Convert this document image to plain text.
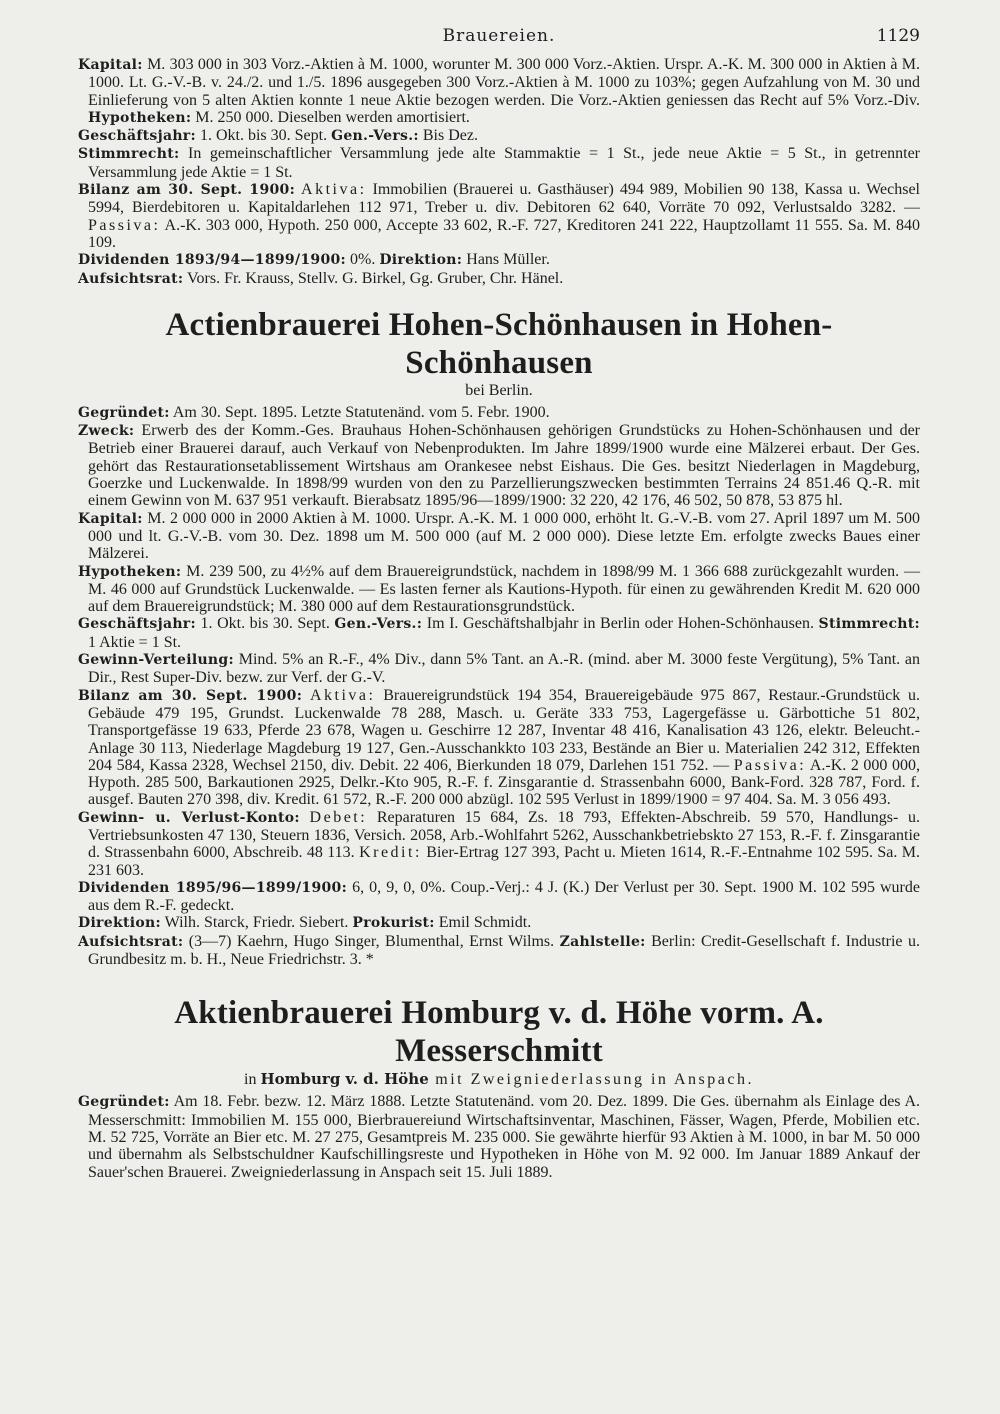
Brauereien.	1129

Kapital: M. 303 000 in 303 Vorz.-Aktien à M. 1000, worunter M. 300 000 Vorz.-Aktien. Urspr. A.-K. M. 300 000 in Aktien à M. 1000. Lt. G.-V.-B. v. 24./2. und 1./5. 1896 ausgegeben 300 Vorz.-Aktien à M. 1000 zu 103%; gegen Aufzahlung von M. 30 und Einlieferung von 5 alten Aktien konnte 1 neue Aktie bezogen werden. Die Vorz.-Aktien geniessen das Recht auf 5% Vorz.-Div. Hypotheken: M. 250 000. Dieselben werden amortisiert.

Geschäftsjahr: 1. Okt. bis 30. Sept. Gen.-Vers.: Bis Dez.

Stimmrecht: In gemeinschaftlicher Versammlung jede alte Stammaktie = 1 St., jede neue Aktie = 5 St., in getrennter Versammlung jede Aktie = 1 St.

Bilanz am 30. Sept. 1900: Aktiva: Immobilien (Brauerei u. Gasthäuser) 494 989, Mobilien 90 138, Kassa u. Wechsel 5994, Bierdebitoren u. Kapitaldarlehen 112 971, Treber u. div. Debitoren 62 640, Vorräte 70 092, Verlustsaldo 3282. — Passiva: A.-K. 303 000, Hypoth. 250 000, Accepte 33 602, R.-F. 727, Kreditoren 241 222, Hauptzollamt 11 555. Sa. M. 840 109.

Dividenden 1893/94—1899/1900: 0%. Direktion: Hans Müller.

Aufsichtsrat: Vors. Fr. Krauss, Stellv. G. Birkel, Gg. Gruber, Chr. Hänel.

Actienbrauerei Hohen-Schönhausen in Hohen-Schönhausen

bei Berlin.

Gegründet: Am 30. Sept. 1895. Letzte Statutenänd. vom 5. Febr. 1900.

Zweck: Erwerb des der Komm.-Ges. Brauhaus Hohen-Schönhausen gehörigen Grundstücks zu Hohen-Schönhausen und der Betrieb einer Brauerei darauf, auch Verkauf von Nebenprodukten. Im Jahre 1899/1900 wurde eine Mälzerei erbaut. Der Ges. gehört das Restaurationsetablissement Wirtshaus am Orankesee nebst Eishaus. Die Ges. besitzt Niederlagen in Magdeburg, Goerzke und Luckenwalde. In 1898/99 wurden von den zu Parzellierungszwecken bestimmten Terrains 24 851.46 Q.-R. mit einem Gewinn von M. 637 951 verkauft. Bierabsatz 1895/96—1899/1900: 32 220, 42 176, 46 502, 50 878, 53 875 hl.

Kapital: M. 2 000 000 in 2000 Aktien à M. 1000. Urspr. A.-K. M. 1 000 000, erhöht lt. G.-V.-B. vom 27. April 1897 um M. 500 000 und lt. G.-V.-B. vom 30. Dez. 1898 um M. 500 000 (auf M. 2 000 000). Diese letzte Em. erfolgte zwecks Baues einer Mälzerei.

Hypotheken: M. 239 500, zu 4½% auf dem Brauereigrundstück, nachdem in 1898/99 M. 1 366 688 zurückgezahlt wurden. — M. 46 000 auf Grundstück Luckenwalde. — Es lasten ferner als Kautions-Hypoth. für einen zu gewährenden Kredit M. 620 000 auf dem Brauereigrundstück; M. 380 000 auf dem Restaurationsgrundstück.

Geschäftsjahr: 1. Okt. bis 30. Sept. Gen.-Vers.: Im I. Geschäftshalbjahr in Berlin oder Hohen-Schönhausen. Stimmrecht: 1 Aktie = 1 St.

Gewinn-Verteilung: Mind. 5% an R.-F., 4% Div., dann 5% Tant. an A.-R. (mind. aber M. 3000 feste Vergütung), 5% Tant. an Dir., Rest Super-Div. bezw. zur Verf. der G.-V.

Bilanz am 30. Sept. 1900: Aktiva: Brauereigrundstück 194 354, Brauereigebäude 975 867, Restaur.-Grundstück u. Gebäude 479 195, Grundst. Luckenwalde 78 288, Masch. u. Geräte 333 753, Lagergefässe u. Gärbottiche 51 802, Transportgefässe 19 633, Pferde 23 678, Wagen u. Geschirre 12 287, Inventar 48 416, Kanalisation 43 126, elektr. Beleucht.-Anlage 30 113, Niederlage Magdeburg 19 127, Gen.-Ausschankkto 103 233, Bestände an Bier u. Materialien 242 312, Effekten 204 584, Kassa 2328, Wechsel 2150, div. Debit. 22 406, Bierkunden 18 079, Darlehen 151 752. — Passiva: A.-K. 2 000 000, Hypoth. 285 500, Barkautionen 2925, Delkr.-Kto 905, R.-F. f. Zinsgarantie d. Strassenbahn 6000, Bank-Ford. 328 787, Ford. f. ausgef. Bauten 270 398, div. Kredit. 61 572, R.-F. 200 000 abzügl. 102 595 Verlust in 1899/1900 = 97 404. Sa. M. 3 056 493.

Gewinn- u. Verlust-Konto: Debet: Reparaturen 15 684, Zs. 18 793, Effekten-Abschreib. 59 570, Handlungs- u. Vertriebsunkosten 47 130, Steuern 1836, Versich. 2058, Arb.-Wohlfahrt 5262, Ausschankbetriebskto 27 153, R.-F. f. Zinsgarantie d. Strassenbahn 6000, Abschreib. 48 113. Kredit: Bier-Ertrag 127 393, Pacht u. Mieten 1614, R.-F.-Entnahme 102 595. Sa. M. 231 603.

Dividenden 1895/96—1899/1900: 6, 0, 9, 0, 0%. Coup.-Verj.: 4 J. (K.) Der Verlust per 30. Sept. 1900 M. 102 595 wurde aus dem R.-F. gedeckt.

Direktion: Wilh. Starck, Friedr. Siebert. Prokurist: Emil Schmidt.

Aufsichtsrat: (3—7) Kaehrn, Hugo Singer, Blumenthal, Ernst Wilms. Zahlstelle: Berlin: Credit-Gesellschaft f. Industrie u. Grundbesitz m. b. H., Neue Friedrichstr. 3. *

Aktienbrauerei Homburg v. d. Höhe vorm. A. Messerschmitt

in Homburg v. d. Höhe mit Zweigniederlassung in Anspach.

Gegründet: Am 18. Febr. bezw. 12. März 1888. Letzte Statutenänd. vom 20. Dez. 1899. Die Ges. übernahm als Einlage des A. Messerschmitt: Immobilien M. 155 000, Bierbrauereiund Wirtschaftsinventar, Maschinen, Fässer, Wagen, Pferde, Mobilien etc. M. 52 725, Vorräte an Bier etc. M. 27 275, Gesamtpreis M. 235 000. Sie gewährte hierfür 93 Aktien à M. 1000, in bar M. 50 000 und übernahm als Selbstschuldner Kaufschillingsreste und Hypotheken in Höhe von M. 92 000. Im Januar 1889 Ankauf der Sauer'schen Brauerei. Zweigniederlassung in Anspach seit 15. Juli 1889.
